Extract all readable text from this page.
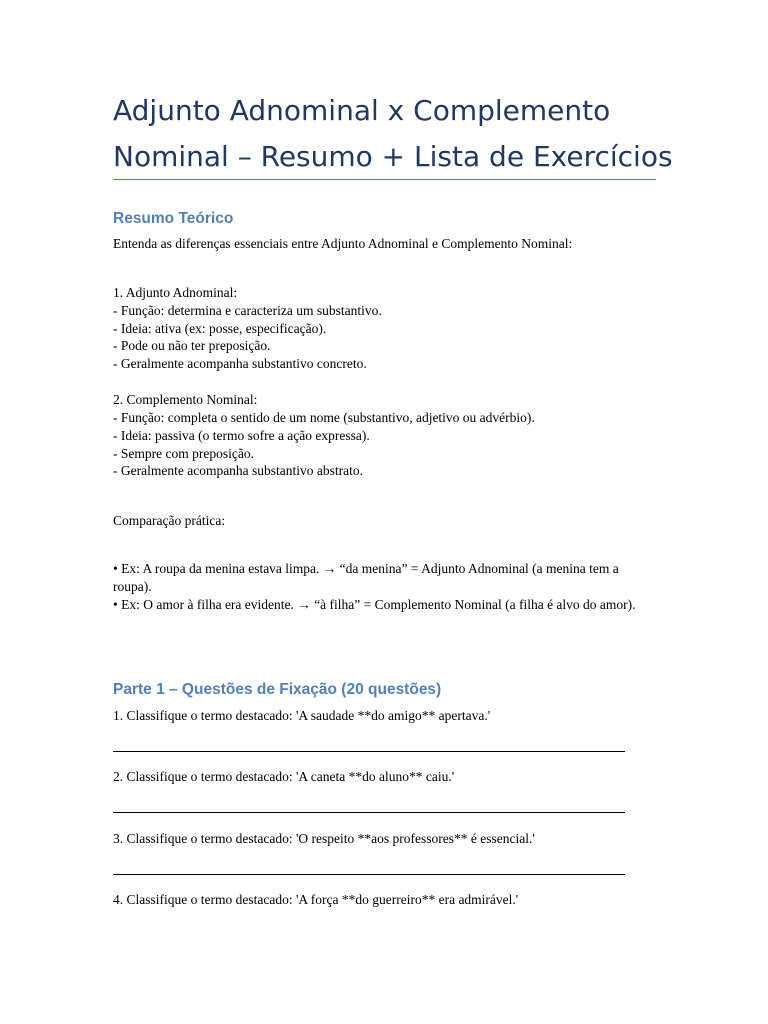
Adjunto Adnominal x Complemento
Nominal – Resumo + Lista de Exercícios
Resumo Teórico

Entenda as diferenças essenciais entre Adjunto Adnominal e Complemento Nominal:

1. Adjunto Adnominal:

- Função: determina e caracteriza um substantivo.

- Ideia: ativa (ex: posse, especificação).

- Pode ou não ter preposição.

- Geralmente acompanha substantivo concreto.

2. Complemento Nominal:

- Função: completa o sentido de um nome (substantivo, adjetivo ou advérbio).

- Ideia: passiva (o termo sofre a ação expressa).

- Sempre com preposição.

- Geralmente acompanha substantivo abstrato.

Comparação prática:

• Ex: A roupa da menina estava limpa. → “da menina” = Adjunto Adnominal (a menina tem a roupa).

• Ex: O amor à filha era evidente. → “à filha” = Complemento Nominal (a filha é alvo do amor).

Parte 1 – Questões de Fixação (20 questões)

1. Classifique o termo destacado: 'A saudade **do amigo** apertava.'

2. Classifique o termo destacado: 'A caneta **do aluno** caiu.'

3. Classifique o termo destacado: 'O respeito **aos professores** é essencial.'

4. Classifique o termo destacado: 'A força **do guerreiro** era admirável.'
